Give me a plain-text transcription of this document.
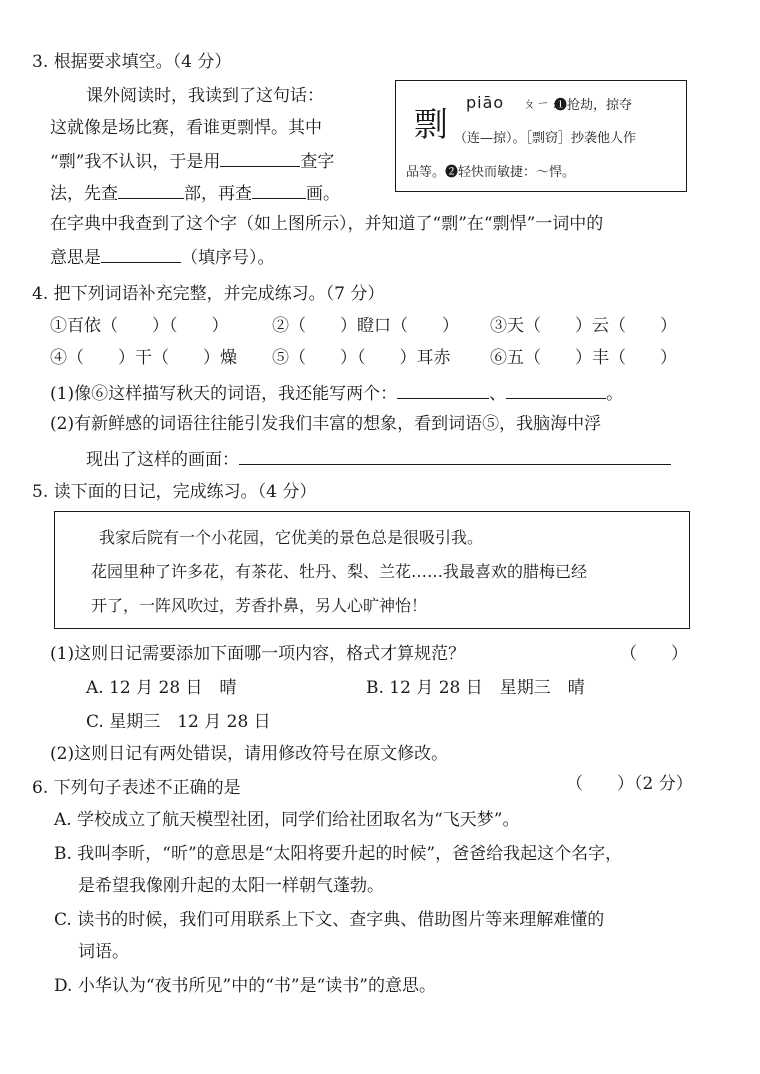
3. 根据要求填空。（4 分）
课外阅读时，我读到了这句话：
这就像是场比赛，看谁更剽悍。其中
“剽”我不认识，于是用	查字
法，先查	部，再查	画。
在字典中我查到了这个字（如上图所示），并知道了“剽”在“剽悍”一词中的
意思是	（填序号）。
剽
piāo ㄆㄧㄠ
❶抢劫，掠夺
（连—掠）。［剽窃］抄袭他人作
品等。❷轻快而敏捷：～悍。
4. 把下列词语补充完整，并完成练习。（7 分）
①百依（　　）（　　）	②（　　）瞪口（　　） ③天（　　）云（　　）
④（　　）干（　　）燥 ⑤（　　）（　　）耳赤 ⑥五（　　）丰（　　）
(1)像⑥这样描写秋天的词语，我还能写两个：	、	。
(2)有新鲜感的词语往往能引发我们丰富的想象，看到词语⑤，我脑海中浮
现出了这样的画面：
5. 读下面的日记，完成练习。（4 分）
我家后院有一个小花园，它优美的景色总是很吸引我。
花园里种了许多花，有茶花、牡丹、梨、兰花……我最喜欢的腊梅已经
开了，一阵风吹过，芳香扑鼻，另人心旷神怡！
(1)这则日记需要添加下面哪一项内容，格式才算规范？	（　　）
A. 12 月 28 日　晴	B. 12 月 28 日　星期三　晴
C. 星期三　12 月 28 日
(2)这则日记有两处错误，请用修改符号在原文修改。
6. 下列句子表述不正确的是	（　　）（2 分）
A. 学校成立了航天模型社团，同学们给社团取名为“飞天梦”。
B. 我叫李昕，“昕”的意思是“太阳将要升起的时候”，爸爸给我起这个名字，
是希望我像刚升起的太阳一样朝气蓬勃。
C. 读书的时候，我们可用联系上下文、查字典、借助图片等来理解难懂的
词语。
D. 小华认为“夜书所见”中的“书”是“读书”的意思。
